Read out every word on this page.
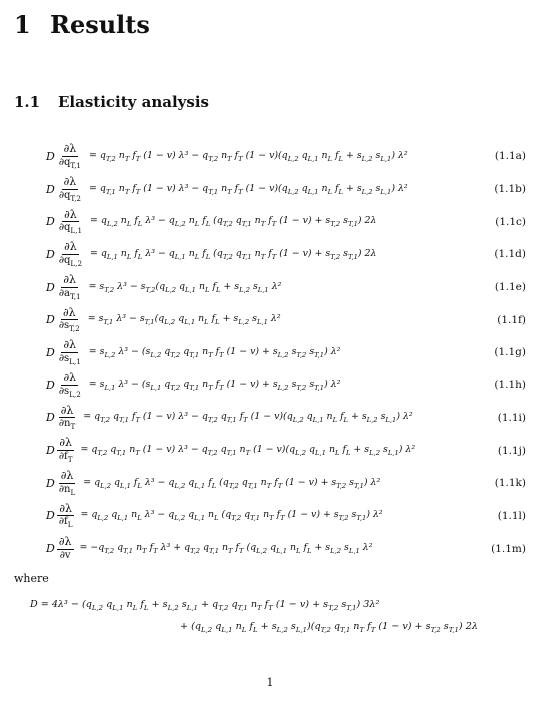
1 Results
1.1 Elasticity analysis
D $\frac{\partial\lambda}{\partial q_{T,1}} = q_{T,2}$ $n_T$ $f_T$ (1 − v) $\lambda^3 - q_{T,2}$ $n_T$ $f_T$ $(1 - v)(q_{L,2}$ $q_{L,1}$ $n_L$ $f_L + s_{L,2}$ $s_{L,1}$) λ²	(1.1a)
D $\frac{\partial\lambda}{\partial q_{T,2}} = q_{T,1}$ $n_T$ $f_T$ (1 − v) $\lambda^3 - q_{T,1}$ $n_T$ $f_T$ $(1 - v)(q_{L,2}$ $q_{L,1}$ $n_L$ $f_L + s_{L,2}$ $s_{L,1}$) λ²	(1.1b)
D $\frac{\partial\lambda}{\partial q_{L,1}} = q_{L,2}$ $n_L$ $f_L$ $\lambda^3 - q_{L,2}$ $n_L$ $f_L$ ($q_{T,2}$ $q_{T,1}$ $n_T$ $f_T$ $(1 - v) + s_{T,2}$ $s_{T,1}$) 2λ	(1.1c)
D $\frac{\partial\lambda}{\partial q_{L,2}} = q_{L,1}$ $n_L$ $f_L$ $\lambda^3 - q_{L,1}$ $n_L$ $f_L$ ($q_{T,2}$ $q_{T,1}$ $n_T$ $f_T$ $(1 - v) + s_{T,2}$ $s_{T,1}$) 2λ	(1.1d)
D $\frac{\partial\lambda}{\partial a_{T,1}} = s_{T,2}$ $\lambda^3 - s_{T,2}(q_{L,2}$ $q_{L,1}$ $n_L$ $f_L + s_{L,2}$ $s_{L,1}$ λ²	(1.1e)
D $\frac{\partial\lambda}{\partial s_{T,2}} = s_{T,1}$ $\lambda^3 - s_{T,1}(q_{L,2}$ $q_{L,1}$ $n_L$ $f_L + s_{L,2}$ $s_{L,1}$ λ²	(1.1f)
D $\frac{\partial\lambda}{\partial s_{L,1}} = s_{L,2}$ $\lambda^3 - (s_{L,2}$ $q_{T,2}$ $q_{T,1}$ $n_T$ $f_T$ $(1 - v) + s_{L,2}$ $s_{T,2}$ $s_{T,1}$) λ²	(1.1g)
D $\frac{\partial\lambda}{\partial s_{L,2}} = s_{L,1}$ $\lambda^3 - (s_{L,1}$ $q_{T,2}$ $q_{T,1}$ $n_T$ $f_T$ $(1 - v) + s_{L,2}$ $s_{T,2}$ $s_{T,1}$) λ²	(1.1h)
D $\frac{\partial\lambda}{\partial n_T} = q_{T,2}$ $q_{T,1}$ $f_T$ (1 − v) $\lambda^3 - q_{T,2}$ $q_{T,1}$ $f_T$ $(1 - v)(q_{L,2}$ $q_{L,1}$ $n_L$ $f_L + s_{L,2}$ $s_{L,1}$) λ²	(1.1i)
D $\frac{\partial\lambda}{\partial f_T} = q_{T,2}$ $q_{T,1}$ $n_T$ (1 − v) $\lambda^3 - q_{T,2}$ $q_{T,1}$ $n_T$ $(1 - v)(q_{L,2}$ $q_{L,1}$ $n_L$ $f_L + s_{L,2}$ $s_{L,1}$) λ²	(1.1j)
D $\frac{\partial\lambda}{\partial n_L} = q_{L,2}$ $q_{L,1}$ $f_L$ $\lambda^3 - q_{L,2}$ $q_{L,1}$ $f_L$ ($q_{T,2}$ $q_{T,1}$ $n_T$ $f_T$ $(1 - v) + s_{T,2}$ $s_{T,1}$) λ²	(1.1k)
D $\frac{\partial\lambda}{\partial f_L} = q_{L,2}$ $q_{L,1}$ $n_L$ $\lambda^3 - q_{L,2}$ $q_{L,1}$ $n_L$ ($q_{T,2}$ $q_{T,1}$ $n_T$ $f_T$ $(1 - v) + s_{T,2}$ $s_{T,1}$) λ²	(1.1l)
D $\frac{\partial\lambda}{\partial v} = -q_{T,2}$ $q_{T,1}$ $n_T$ $f_T$ $\lambda^3 + q_{T,2}$ $q_{T,1}$ $n_T$ $f_T$ ($q_{L,2}$ $q_{L,1}$ $n_L$ $f_L + s_{L,2}$ $s_{L,1}$ λ²	(1.1m)
where
$D = 4\lambda^3 - (q_{L,2}$ $q_{L,1}$ $n_L$ $f_L + s_{L,2}$ $s_{L,1} + q_{T,2}$ $q_{T,1}$ $n_T$ $f_T$ $(1 - v) + s_{T,2}$ $s_{T,1}$) 3λ²
+ ($q_{L,2}$ $q_{L,1}$ $n_L$ $f_L + s_{L,2}$ $s_{L,1})(q_{T,2}$ $q_{T,1}$ $n_T$ $f_T$ $(1 - v) + s_{T,2}$ $s_{T,1}$) 2λ
1
